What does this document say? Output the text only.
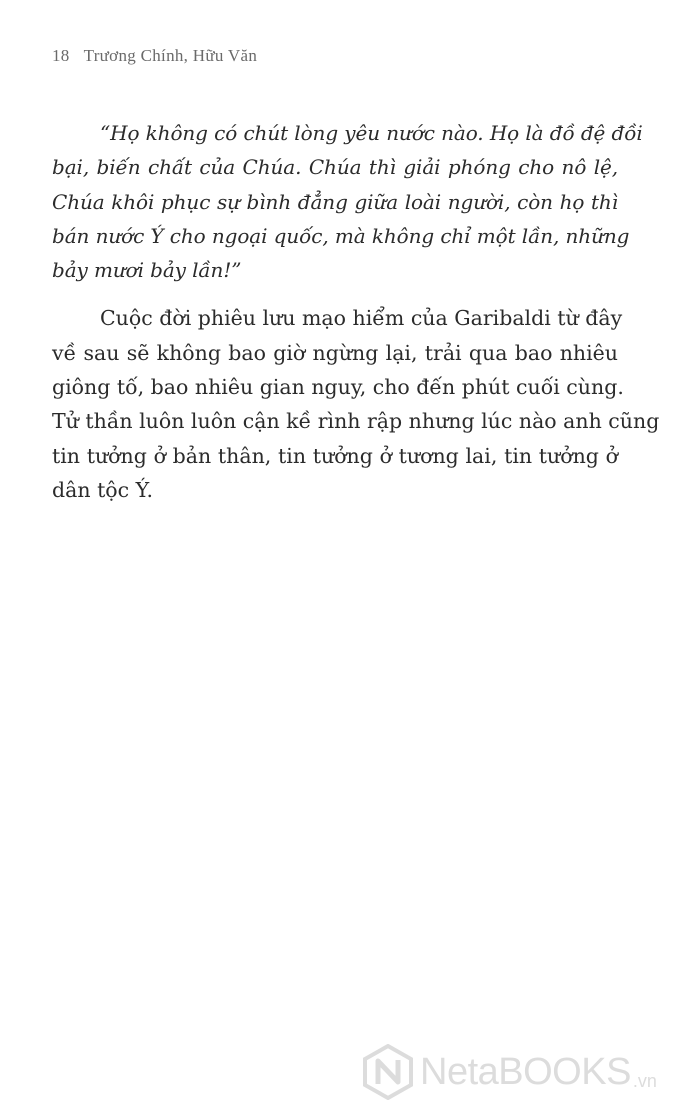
18 Trương Chính, Hữu Văn

“Họ không có chút lòng yêu nước nào. Họ là đồ đệ đồi
bại, biến chất của Chúa. Chúa thì giải phóng cho nô lệ,
Chúa khôi phục sự bình đẳng giữa loài người, còn họ thì
bán nước Ý cho ngoại quốc, mà không chỉ một lần, những
bảy mươi bảy lần!”

Cuộc đời phiêu lưu mạo hiểm của Garibaldi từ đây
về sau sẽ không bao giờ ngừng lại, trải qua bao nhiêu
giông tố, bao nhiêu gian nguy, cho đến phút cuối cùng.
Tử thần luôn luôn cận kề rình rập nhưng lúc nào anh cũng
tin tưởng ở bản thân, tin tưởng ở tương lai, tin tưởng ở
dân tộc Ý.

NetaBOOKS .vn
